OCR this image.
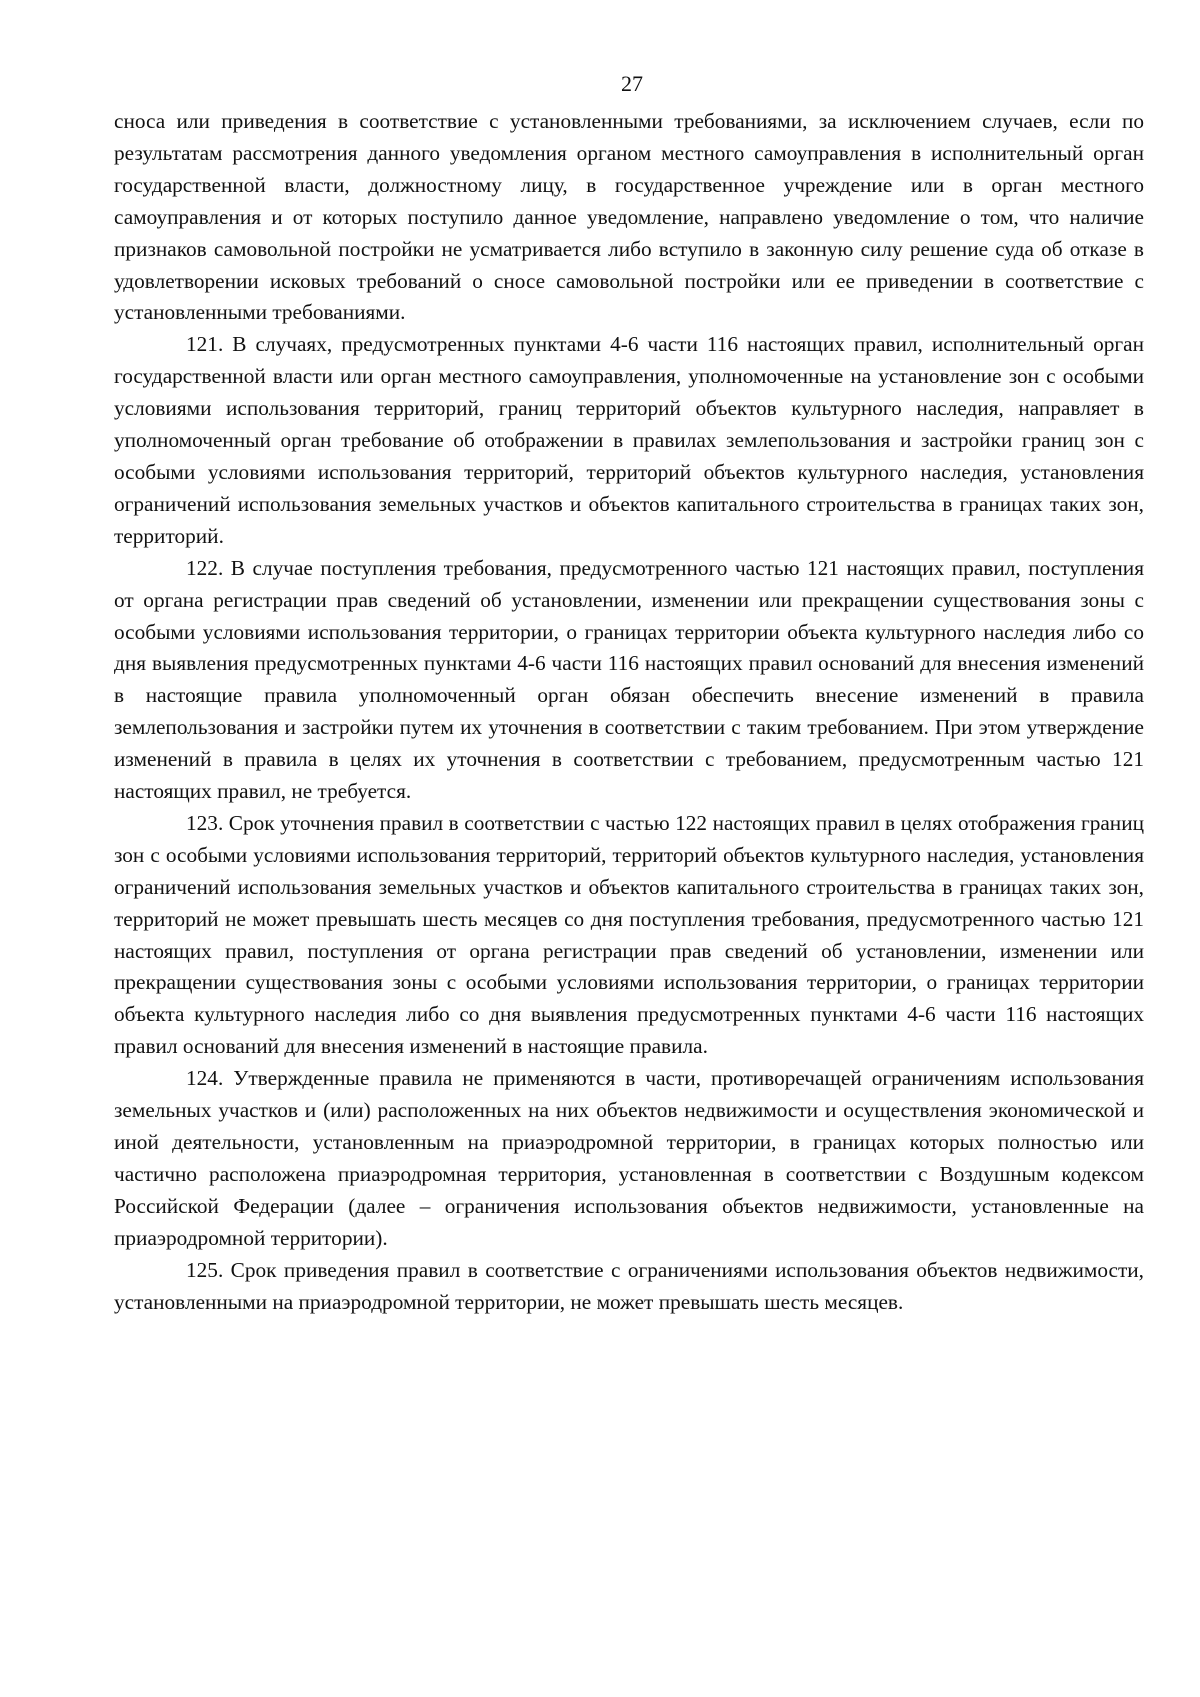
27

сноса или приведения в соответствие с установленными требованиями, за исключением случаев, если по результатам рассмотрения данного уведомления органом местного самоуправления в исполнительный орган государственной власти, должностному лицу, в государственное учреждение или в орган местного самоуправления и от которых поступило данное уведомление, направлено уведомление о том, что наличие признаков самовольной постройки не усматривается либо вступило в законную силу решение суда об отказе в удовлетворении исковых требований о сносе самовольной постройки или ее приведении в соответствие с установленными требованиями.

121. В случаях, предусмотренных пунктами 4-6 части 116 настоящих правил, исполнительный орган государственной власти или орган местного самоуправления, уполномоченные на установление зон с особыми условиями использования территорий, границ территорий объектов культурного наследия, направляет в уполномоченный орган требование об отображении в правилах землепользования и застройки границ зон с особыми условиями использования территорий, территорий объектов культурного наследия, установления ограничений использования земельных участков и объектов капитального строительства в границах таких зон, территорий.

122. В случае поступления требования, предусмотренного частью 121 настоящих правил, поступления от органа регистрации прав сведений об установлении, изменении или прекращении существования зоны с особыми условиями использования территории, о границах территории объекта культурного наследия либо со дня выявления предусмотренных пунктами 4-6 части 116 настоящих правил оснований для внесения изменений в настоящие правила уполномоченный орган обязан обеспечить внесение изменений в правила землепользования и застройки путем их уточнения в соответствии с таким требованием. При этом утверждение изменений в правила в целях их уточнения в соответствии с требованием, предусмотренным частью 121 настоящих правил, не требуется.

123. Срок уточнения правил в соответствии с частью 122 настоящих правил в целях отображения границ зон с особыми условиями использования территорий, территорий объектов культурного наследия, установления ограничений использования земельных участков и объектов капитального строительства в границах таких зон, территорий не может превышать шесть месяцев со дня поступления требования, предусмотренного частью 121 настоящих правил, поступления от органа регистрации прав сведений об установлении, изменении или прекращении существования зоны с особыми условиями использования территории, о границах территории объекта культурного наследия либо со дня выявления предусмотренных пунктами 4-6 части 116 настоящих правил оснований для внесения изменений в настоящие правила.

124. Утвержденные правила не применяются в части, противоречащей ограничениям использования земельных участков и (или) расположенных на них объектов недвижимости и осуществления экономической и иной деятельности, установленным на приаэродромной территории, в границах которых полностью или частично расположена приаэродромная территория, установленная в соответствии с Воздушным кодексом Российской Федерации (далее – ограничения использования объектов недвижимости, установленные на приаэродромной территории).

125. Срок приведения правил в соответствие с ограничениями использования объектов недвижимости, установленными на приаэродромной территории, не может превышать шесть месяцев.
